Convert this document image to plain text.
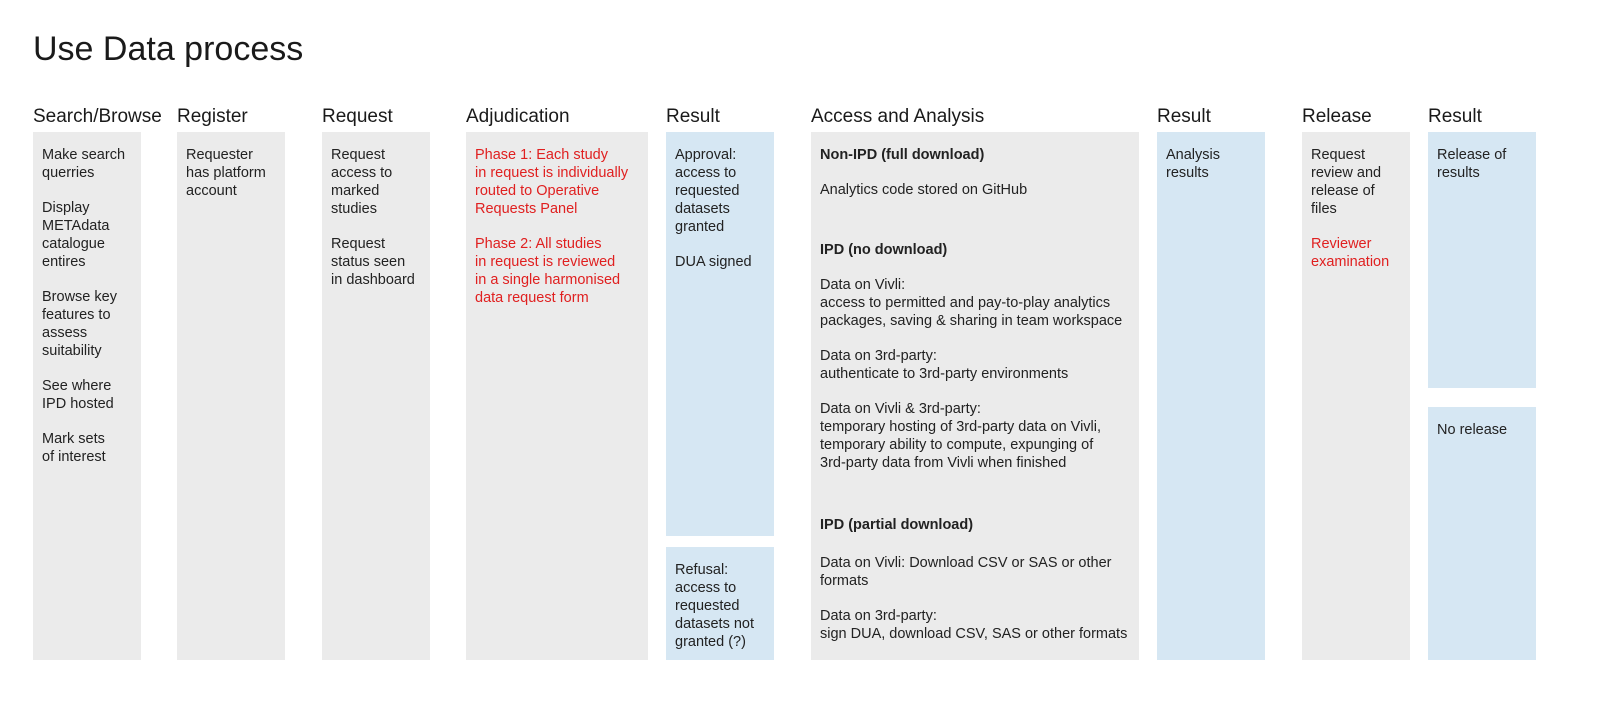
Use Data process
Search/Browse Register	Request	Adjudication	Result	Access and Analysis	Result	Release	Result

Make search
querries

Display
METAdata
catalogue
entires

Browse key
features to
assess
suitability

See where
IPD hosted

Mark sets
of interest

Requester
has platform
account

Request
access to
marked
studies

Request
status seen
in dashboard

Phase 1: Each study
in request is individually
routed to Operative
Requests Panel

Phase 2: All studies
in request is reviewed
in a single harmonised
data request form

Approval:
access to
requested
datasets
granted

DUA signed

Refusal:
access to
requested
datasets not
granted (?)

Non-IPD (full download)

Analytics code stored on GitHub

IPD (no download)

Data on Vivli:
access to permitted and pay-to-play analytics
packages, saving & sharing in team workspace

Data on 3rd-party:
authenticate to 3rd-party environments

Data on Vivli & 3rd-party:
temporary hosting of 3rd-party data on Vivli,
temporary ability to compute, expunging of
3rd-party data from Vivli when finished

IPD (partial download)

Data on Vivli: Download CSV or SAS or other
formats

Data on 3rd-party:
sign DUA, download CSV, SAS or other formats

Analysis
results

Request
review and
release of
files

Reviewer
examination

Release of
results

No release
